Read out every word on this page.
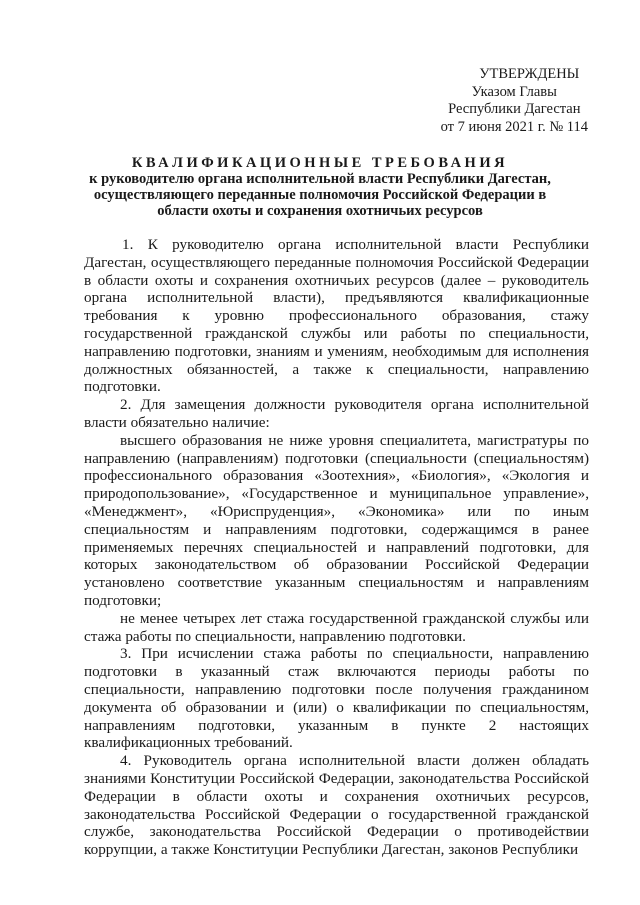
УТВЕРЖДЕНЫ
Указом Главы
Республики Дагестан
от 7 июня 2021 г. № 114
КВАЛИФИКАЦИОННЫЕ ТРЕБОВАНИЯ
к руководителю органа исполнительной власти Республики Дагестан,
осуществляющего переданные полномочия Российской Федерации в
области охоты и сохранения охотничьих ресурсов

1. К руководителю органа исполнительной власти Республики Дагестан, осуществляющего переданные полномочия Российской Федерации в области охоты и сохранения охотничьих ресурсов (далее – руководитель органа исполнительной власти), предъявляются квалификационные требования к уровню профессионального образования, стажу государственной гражданской службы или работы по специальности, направлению подготовки, знаниям и умениям, необходимым для исполнения должностных обязанностей, а также к специальности, направлению подготовки.

2. Для замещения должности руководителя органа исполнительной власти обязательно наличие:

высшего образования не ниже уровня специалитета, магистратуры по направлению (направлениям) подготовки (специальности (специальностям) профессионального образования «Зоотехния», «Биология», «Экология и природопользование», «Государственное и муниципальное управление», «Менеджмент», «Юриспруденция», «Экономика» или по иным специальностям и направлениям подготовки, содержащимся в ранее применяемых перечнях специальностей и направлений подготовки, для которых законодательством об образовании Российской Федерации установлено соответствие указанным специальностям и направлениям подготовки;

не менее четырех лет стажа государственной гражданской службы или стажа работы по специальности, направлению подготовки.

3. При исчислении стажа работы по специальности, направлению подготовки в указанный стаж включаются периоды работы по специальности, направлению подготовки после получения гражданином документа об образовании и (или) о квалификации по специальностям, направлениям подготовки, указанным в пункте 2 настоящих квалификационных требований.

4. Руководитель органа исполнительной власти должен обладать знаниями Конституции Российской Федерации, законодательства Российской Федерации в области охоты и сохранения охотничьих ресурсов, законодательства Российской Федерации о государственной гражданской службе, законодательства Российской Федерации о противодействии коррупции, а также Конституции Республики Дагестан, законов Республики
